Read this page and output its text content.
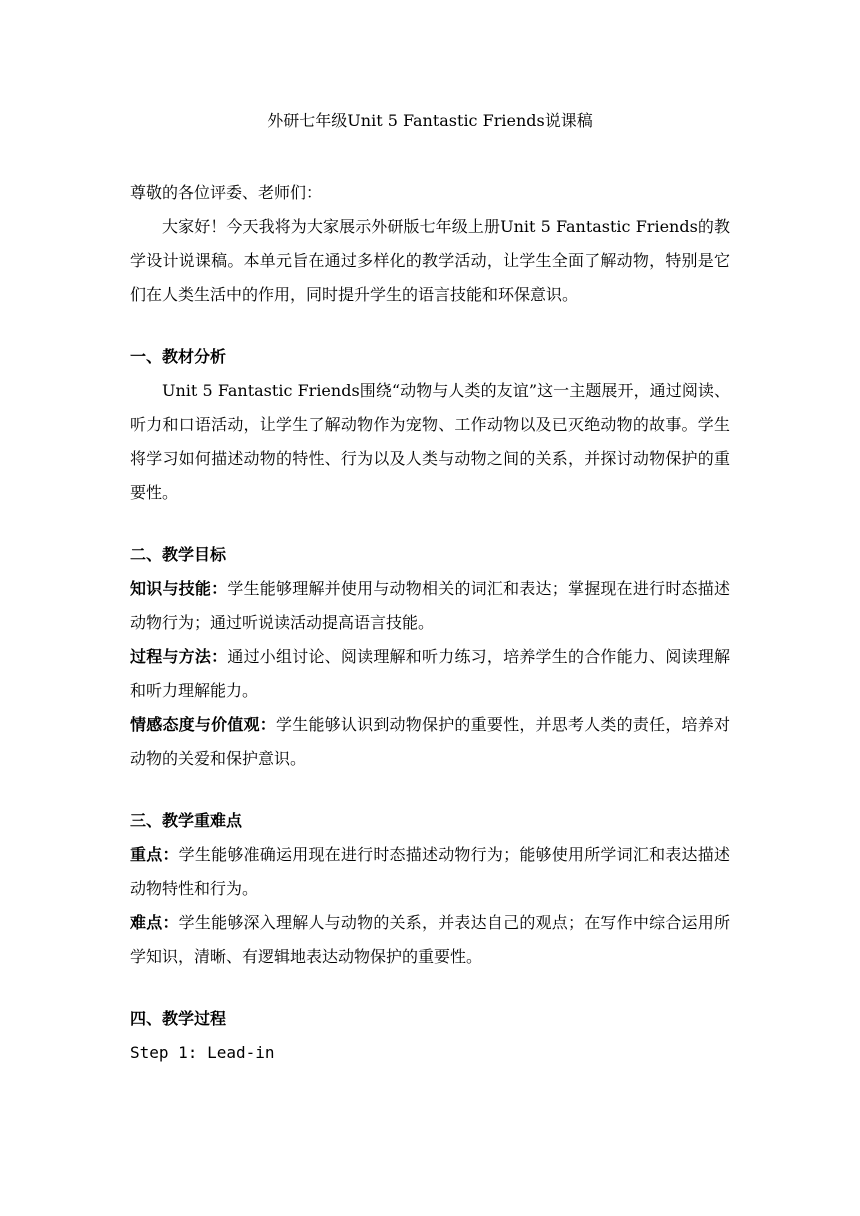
外研七年级Unit 5 Fantastic Friends说课稿

尊敬的各位评委、老师们：

大家好！今天我将为大家展示外研版七年级上册Unit 5 Fantastic Friends的教学设计说课稿。本单元旨在通过多样化的教学活动，让学生全面了解动物，特别是它们在人类生活中的作用，同时提升学生的语言技能和环保意识。

一、教材分析

Unit 5 Fantastic Friends围绕“动物与人类的友谊”这一主题展开，通过阅读、听力和口语活动，让学生了解动物作为宠物、工作动物以及已灭绝动物的故事。学生将学习如何描述动物的特性、行为以及人类与动物之间的关系，并探讨动物保护的重要性。

二、教学目标

知识与技能：学生能够理解并使用与动物相关的词汇和表达；掌握现在进行时态描述动物行为；通过听说读活动提高语言技能。

过程与方法：通过小组讨论、阅读理解和听力练习，培养学生的合作能力、阅读理解和听力理解能力。

情感态度与价值观：学生能够认识到动物保护的重要性，并思考人类的责任，培养对动物的关爱和保护意识。

三、教学重难点

重点：学生能够准确运用现在进行时态描述动物行为；能够使用所学词汇和表达描述动物特性和行为。

难点：学生能够深入理解人与动物的关系，并表达自己的观点；在写作中综合运用所学知识，清晰、有逻辑地表达动物保护的重要性。

四、教学过程

Step 1: Lead-in
